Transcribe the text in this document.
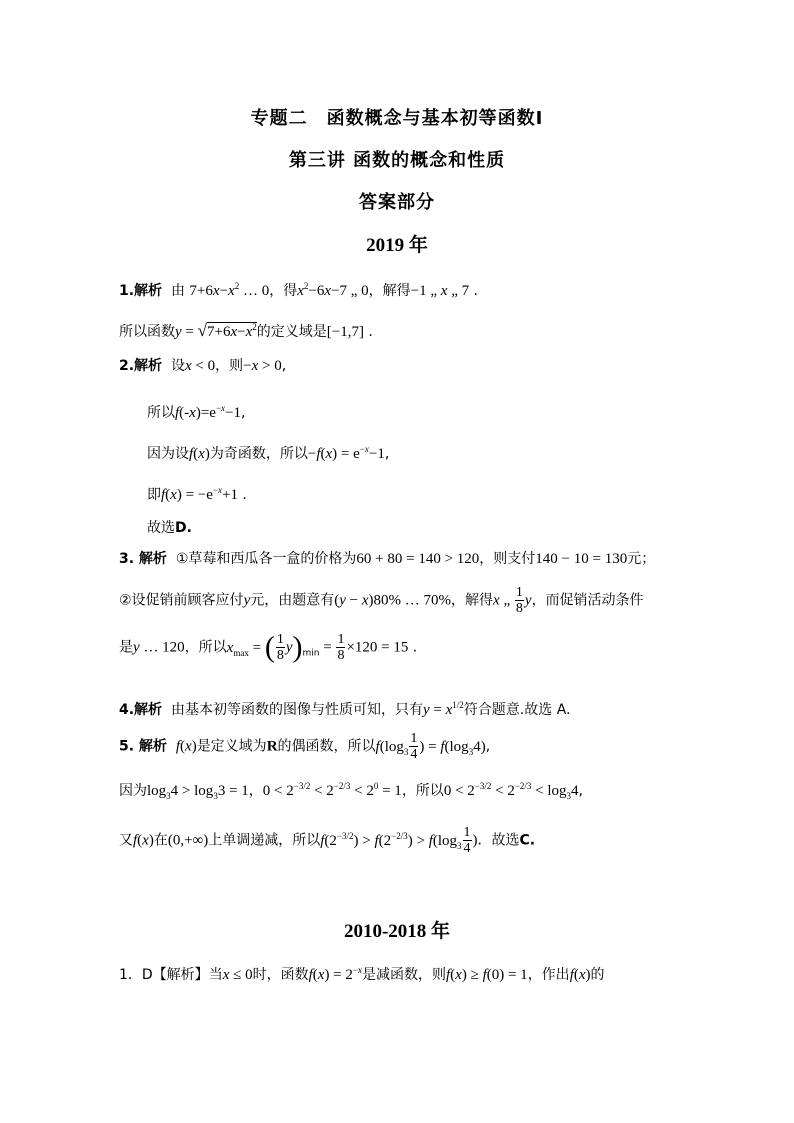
专题二　函数概念与基本初等函数Ⅰ
第三讲 函数的概念和性质
答案部分
2019 年
1.解析 由 $7+6x-x^2$ … 0，得$x^2-6x-7$ „ 0，解得−1 „ x „ 7 .
所以函数$y = √7+6x-x^2$的定义域是[−1,7] .
2.解析 设x < 0，则−x > 0,
所以$f(-x)=e^{-x}-1$,
因为设f(x)为奇函数，所以$-f(x) = e^{-x}-1$,
即$f(x) = -e^{-x}+1$ .
故选D.
3. 解析 ①草莓和西瓜各一盒的价格为60 + 80 = 140 > 120，则支付140 − 10 = 130元；
②设促销前顾客应付y元，由题意有(y − x)80% … 70%，解得x „ $\frac{1}{8}$ y，而促销活动条件
是y … 120，所以$x_{max}$ = ( $\frac{1}{8} y)_{min} = \frac{1}{8} \times 120 = 15$ .
4.解析 由基本初等函数的图像与性质可知，只有$y = x^{1/2}$符合题意.故选 A.
5. 解析 f(x)是定义域为R的偶函数，所以$f(\log_3 \frac{1}{4}$ ) = $f(\log_34)$,
因为$\log_34 > \log_33 = 1$，$0 < 2^{-3/2} < 2^{-2/3} < 2^0 = 1$，所以$0 < 2^{-3/2} < 2^{-2/3} < \log_34$,
又f(x)在(0,+∞)上单调递减，所以$f(2^{-3/2}) > f(2^{-2/3}) > f(\log_3 \frac{1}{4}$ )．故选C.
2010-2018 年
1．D【解析】当x ≤ 0时，函数$f(x) = 2^{-x}$是减函数，则f(x) ≥ f(0) = 1，作出f(x)的
